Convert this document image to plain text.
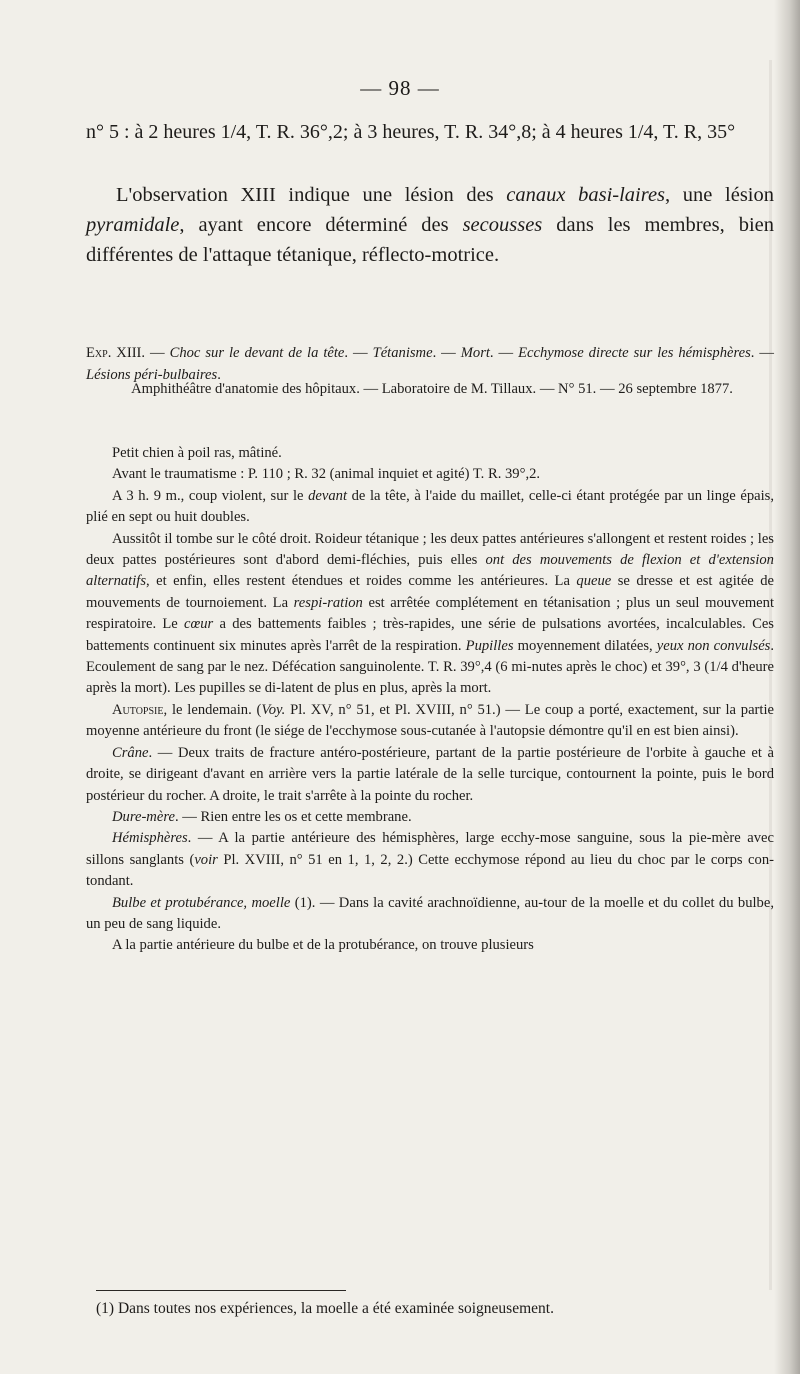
— 98 —
n° 5 : à 2 heures 1/4, T. R. 36°,2; à 3 heures, T. R. 34°,8; à 4 heures 1/4, T. R, 35°
L'observation XIII indique une lésion des canaux basi-laires, une lésion pyramidale, ayant encore déterminé des secousses dans les membres, bien différentes de l'attaque tétanique, réflecto-motrice.
Exp. XIII. — Choc sur le devant de la tête. — Tétanisme. — Mort. — Ecchymose directe sur les hémisphères. — Lésions péri-bulbaires.
Amphithéâtre d'anatomie des hôpitaux. — Laboratoire de M. Tillaux. — N° 51. — 26 septembre 1877.

Petit chien à poil ras, mâtiné.

Avant le traumatisme : P. 110 ; R. 32 (animal inquiet et agité) T. R. 39°,2.

A 3 h. 9 m., coup violent, sur le devant de la tête, à l'aide du maillet, celle-ci étant protégée par un linge épais, plié en sept ou huit doubles.

Aussitôt il tombe sur le côté droit. Roideur tétanique ; les deux pattes antérieures s'allongent et restent roides ; les deux pattes postérieures sont d'abord demi-fléchies, puis elles ont des mouvements de flexion et d'extension alternatifs, et enfin, elles restent étendues et roides comme les antérieures. La queue se dresse et est agitée de mouvements de tournoiement. La respi-ration est arrêtée complétement en tétanisation ; plus un seul mouvement respiratoire. Le cœur a des battements faibles ; très-rapides, une série de pulsations avortées, incalculables. Ces battements continuent six minutes après l'arrêt de la respiration. Pupilles moyennement dilatées, yeux non convulsés. Ecoulement de sang par le nez. Défécation sanguinolente. T. R. 39°,4 (6 mi-nutes après le choc) et 39°, 3 (1/4 d'heure après la mort). Les pupilles se di-latent de plus en plus, après la mort.

Autopsie, le lendemain. (Voy. Pl. XV, n° 51, et Pl. XVIII, n° 51.) — Le coup a porté, exactement, sur la partie moyenne antérieure du front (le siége de l'ecchymose sous-cutanée à l'autopsie démontre qu'il en est bien ainsi).

Crâne. — Deux traits de fracture antéro-postérieure, partant de la partie postérieure de l'orbite à gauche et à droite, se dirigeant d'avant en arrière vers la partie latérale de la selle turcique, contournent la pointe, puis le bord postérieur du rocher. A droite, le trait s'arrête à la pointe du rocher.

Dure-mère. — Rien entre les os et cette membrane.

Hémisphères. — A la partie antérieure des hémisphères, large ecchy-mose sanguine, sous la pie-mère avec sillons sanglants (voir Pl. XVIII, n° 51 en 1, 1, 2, 2.) Cette ecchymose répond au lieu du choc par le corps con-tondant.

Bulbe et protubérance, moelle (1). — Dans la cavité arachnoïdienne, au-tour de la moelle et du collet du bulbe, un peu de sang liquide.

A la partie antérieure du bulbe et de la protubérance, on trouve plusieurs

(1) Dans toutes nos expériences, la moelle a été examinée soigneusement.
